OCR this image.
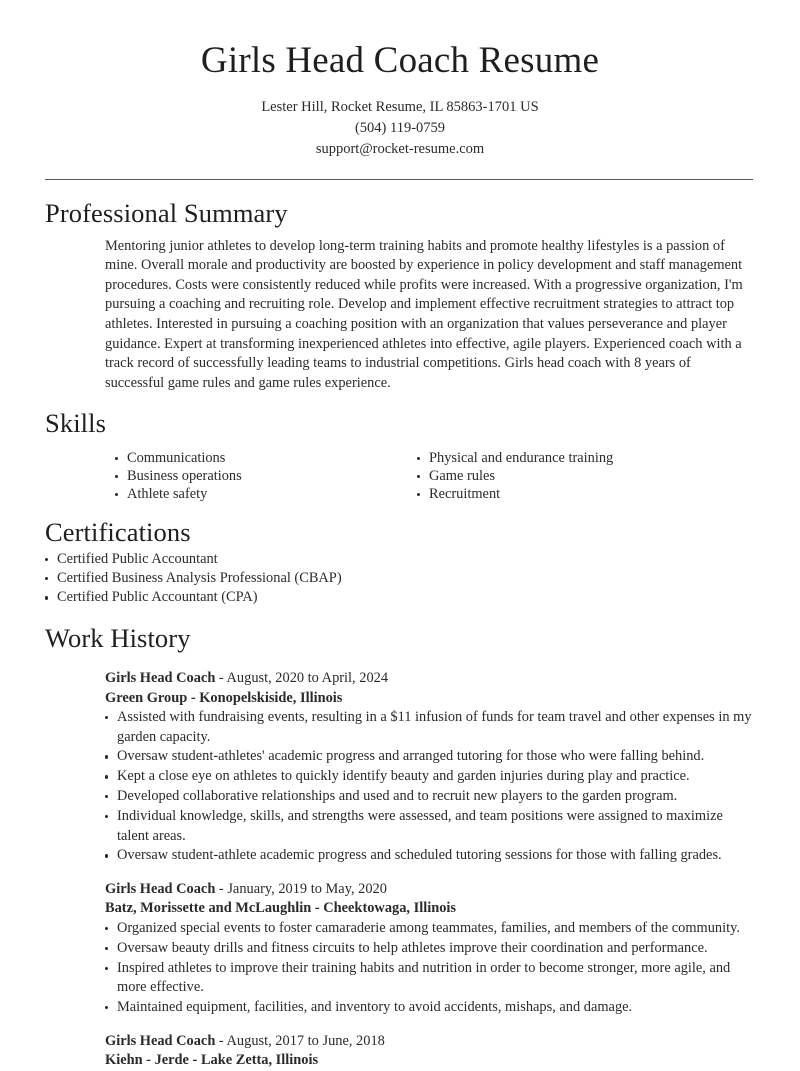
Girls Head Coach Resume
Lester Hill, Rocket Resume, IL 85863-1701 US
(504) 119-0759
support@rocket-resume.com
Professional Summary

Mentoring junior athletes to develop long-term training habits and promote healthy lifestyles is a passion of mine. Overall morale and productivity are boosted by experience in policy development and staff management procedures. Costs were consistently reduced while profits were increased. With a progressive organization, I'm pursuing a coaching and recruiting role. Develop and implement effective recruitment strategies to attract top athletes. Interested in pursuing a coaching position with an organization that values perseverance and player guidance. Expert at transforming inexperienced athletes into effective, agile players. Experienced coach with a track record of successfully leading teams to industrial competitions. Girls head coach with 8 years of successful game rules and game rules experience.

Skills
Communications
Business operations
Athlete safety
Physical and endurance training
Game rules
Recruitment
Certifications
Certified Public Accountant
Certified Business Analysis Professional (CBAP)
Certified Public Accountant (CPA)
Work History
Girls Head Coach - August, 2020 to April, 2024
Green Group - Konopelskiside, Illinois
Assisted with fundraising events, resulting in a $11 infusion of funds for team travel and other expenses in my garden capacity.
Oversaw student-athletes' academic progress and arranged tutoring for those who were falling behind.
Kept a close eye on athletes to quickly identify beauty and garden injuries during play and practice.
Developed collaborative relationships and used and to recruit new players to the garden program.
Individual knowledge, skills, and strengths were assessed, and team positions were assigned to maximize talent areas.
Oversaw student-athlete academic progress and scheduled tutoring sessions for those with falling grades.
Girls Head Coach - January, 2019 to May, 2020
Batz, Morissette and McLaughlin - Cheektowaga, Illinois
Organized special events to foster camaraderie among teammates, families, and members of the community.
Oversaw beauty drills and fitness circuits to help athletes improve their coordination and performance.
Inspired athletes to improve their training habits and nutrition in order to become stronger, more agile, and more effective.
Maintained equipment, facilities, and inventory to avoid accidents, mishaps, and damage.
Girls Head Coach - August, 2017 to June, 2018
Kiehn - Jerde - Lake Zetta, Illinois
